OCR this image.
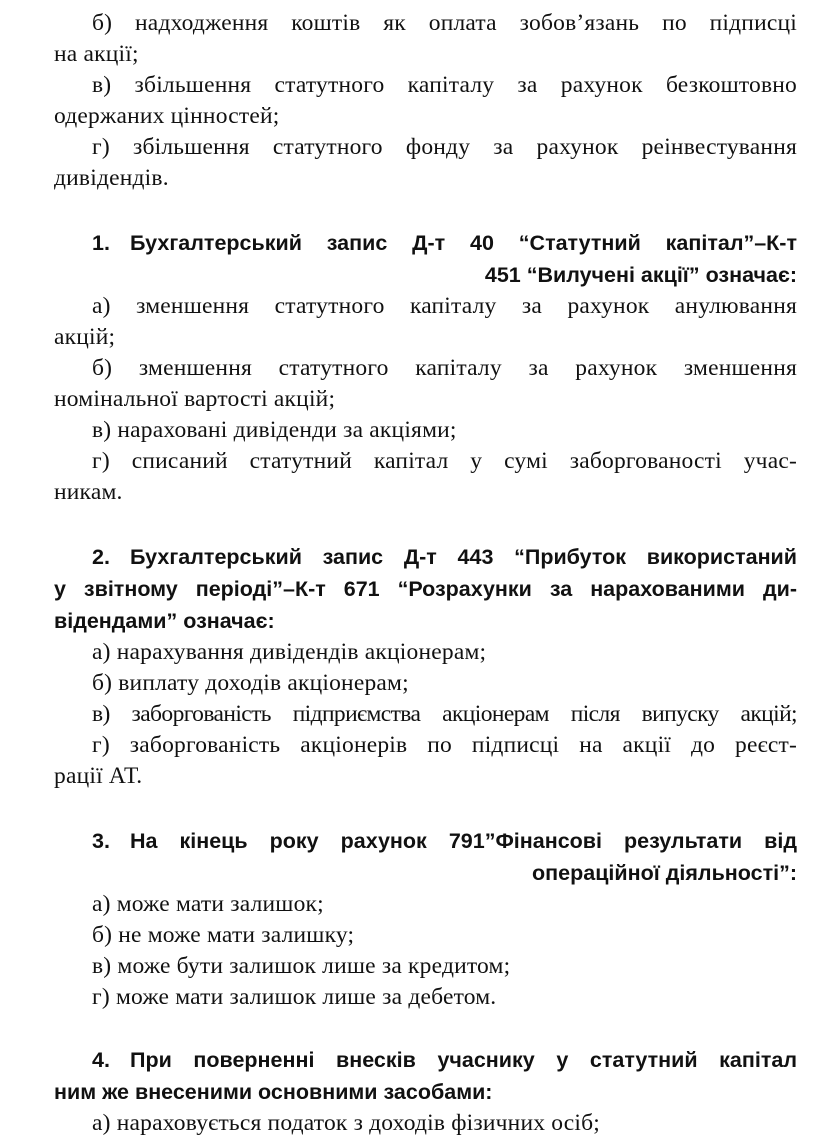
б) надходження коштів як оплата зобов’язань по підписці
на акції;
в) збільшення статутного капіталу за рахунок безкоштовно
одержаних цінностей;
г) збільшення статутного фонду за рахунок реінвестування
дивідендів.
1. Бухгалтерський запис Д-т 40 “Статутний капітал”–К-т
451 “Вилучені акції” означає:
а) зменшення статутного капіталу за рахунок анулювання
акцій;
б) зменшення статутного капіталу за рахунок зменшення
номінальної вартості акцій;
в) нараховані дивіденди за акціями;
г) списаний статутний капітал у сумі заборгованості учас-
никам.
2. Бухгалтерський запис Д-т 443 “Прибуток використаний
у звітному періоді”–К-т 671 “Розрахунки за нарахованими ди-
відендами” означає:
а) нарахування дивідендів акціонерам;
б) виплату доходів акціонерам;
в) заборгованість підприємства акціонерам після випуску акцій;
г) заборгованість акціонерів по підписці на акції до реєст-
рації АТ.
3. На кінець року рахунок 791”Фінансові результати від
операційної діяльності”:
а) може мати залишок;
б) не може мати залишку;
в) може бути залишок лише за кредитом;
г) може мати залишок лише за дебетом.
4. При поверненні внесків учаснику у статутний капітал
ним же внесеними основними засобами:
а) нараховується податок з доходів фізичних осіб;
